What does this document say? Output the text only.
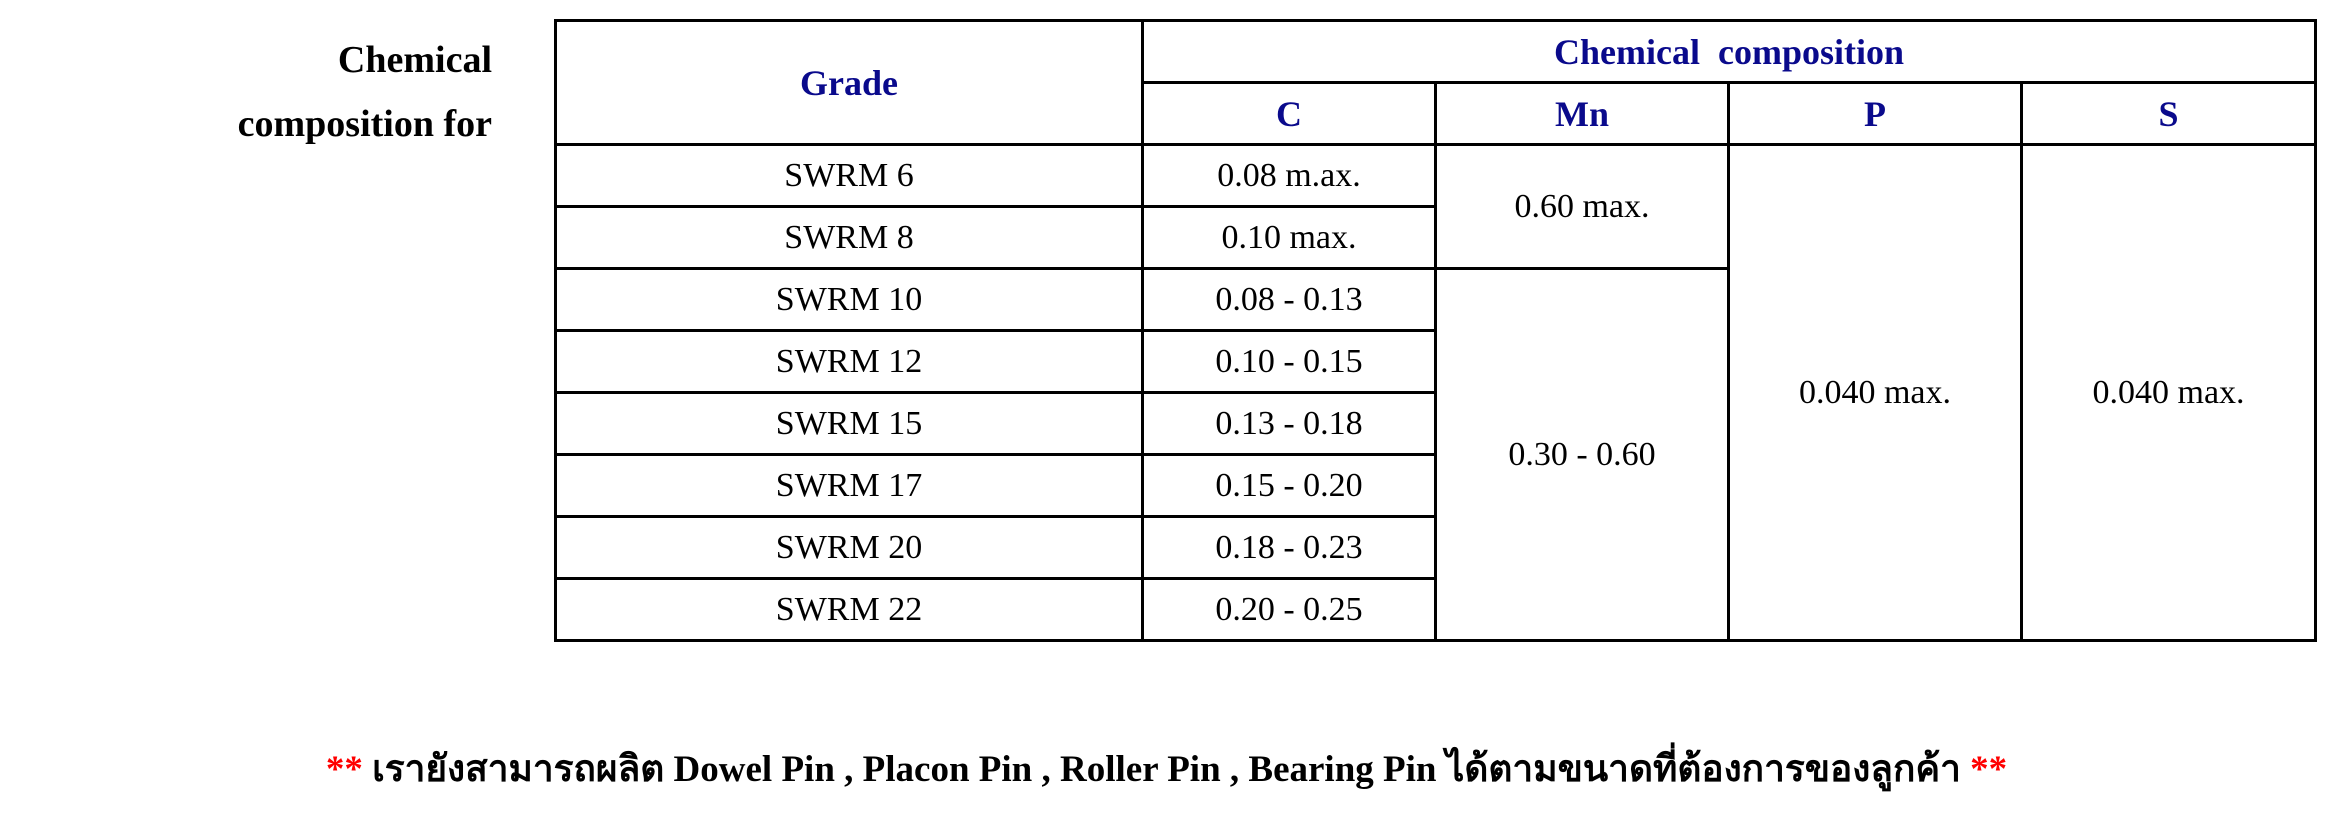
Chemical
composition for
Grade	Chemical  composition			
	C	Mn	P	S
SWRM 6	0.08 m.ax.	0.60 max.	0.040 max.	0.040 max.
SWRM 8	0.10 max.			
SWRM 10	0.08 - 0.13	0.30 - 0.60		
SWRM 12	0.10 - 0.15			
SWRM 15	0.13 - 0.18			
SWRM 17	0.15 - 0.20			
SWRM 20	0.18 - 0.23			
SWRM 22	0.20 - 0.25			
** เรายังสามารถผลิต Dowel Pin , Placon Pin , Roller Pin , Bearing Pin ได้ตามขนาดที่ต้องการของลูกค้า **
